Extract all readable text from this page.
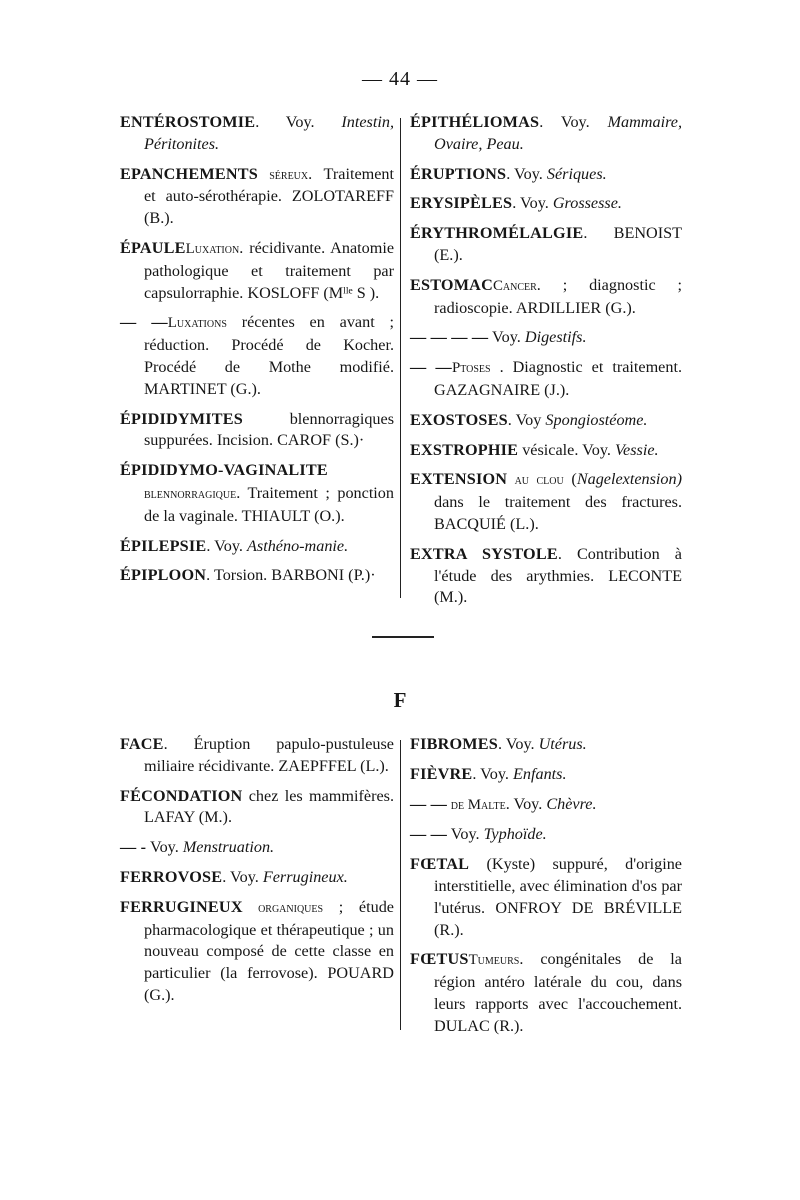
— 44 —

ENTÉROSTOMIE. Voy. Intestin, Péritonites.

EPANCHEMENTS séreux. Traitement et auto-sérothérapie. ZOLOTAREFF (B.).

ÉPAULELuxation. récidivante. Anatomie pathologique et traitement par capsulorraphie. KOSLOFF (Mˡˡᵉ S ).

— —Luxations récentes en avant ; réduction. Procédé de Kocher. Procédé de Mothe modifié. MARTINET (G.).

ÉPIDIDYMITES blennorragiques suppurées. Incision. CAROF (S.)·

ÉPIDIDYMO-VAGINALITE blennorragique. Traitement ; ponction de la vaginale. THIAULT (O.).

ÉPILEPSIE. Voy. Asthéno-manie.

ÉPIPLOON. Torsion. BARBONI (P.)·

ÉPITHÉLIOMAS. Voy. Mammaire, Ovaire, Peau.

ÉRUPTIONS. Voy. Sériques.

ERYSIPÈLES. Voy. Grossesse.

ÉRYTHROMÉLALGIE. BENOIST (E.).

ESTOMACCancer. ; diagnostic ; radioscopie. ARDILLIER (G.).

— — — — Voy. Digestifs.

— —Ptoses . Diagnostic et traitement. GAZAGNAIRE (J.).

EXOSTOSES. Voy Spongiostéome.

EXSTROPHIE vésicale. Voy. Vessie.

EXTENSION au clou (Nagelextension) dans le traitement des fractures. BACQUIÉ (L.).

EXTRA SYSTOLE. Contribution à l'étude des arythmies. LECONTE (M.).

F

FACE. Éruption papulo-pustuleuse miliaire récidivante. ZAEPFFEL (L.).

FÉCONDATION chez les mammifères. LAFAY (M.).

— - Voy. Menstruation.

FERROVOSE. Voy. Ferrugineux.

FERRUGINEUX organiques ; étude pharmacologique et thérapeutique ; un nouveau composé de cette classe en particulier (la ferrovose). POUARD (G.).

FIBROMES. Voy. Utérus.

FIÈVRE. Voy. Enfants.

— — de Malte. Voy. Chèvre.

— — Voy. Typhoïde.

FŒTAL (Kyste) suppuré, d'origine interstitielle, avec élimination d'os par l'utérus. ONFROY DE BRÉVILLE (R.).

FŒTUSTumeurs. congénitales de la région antéro latérale du cou, dans leurs rapports avec l'accouchement. DULAC (R.).
